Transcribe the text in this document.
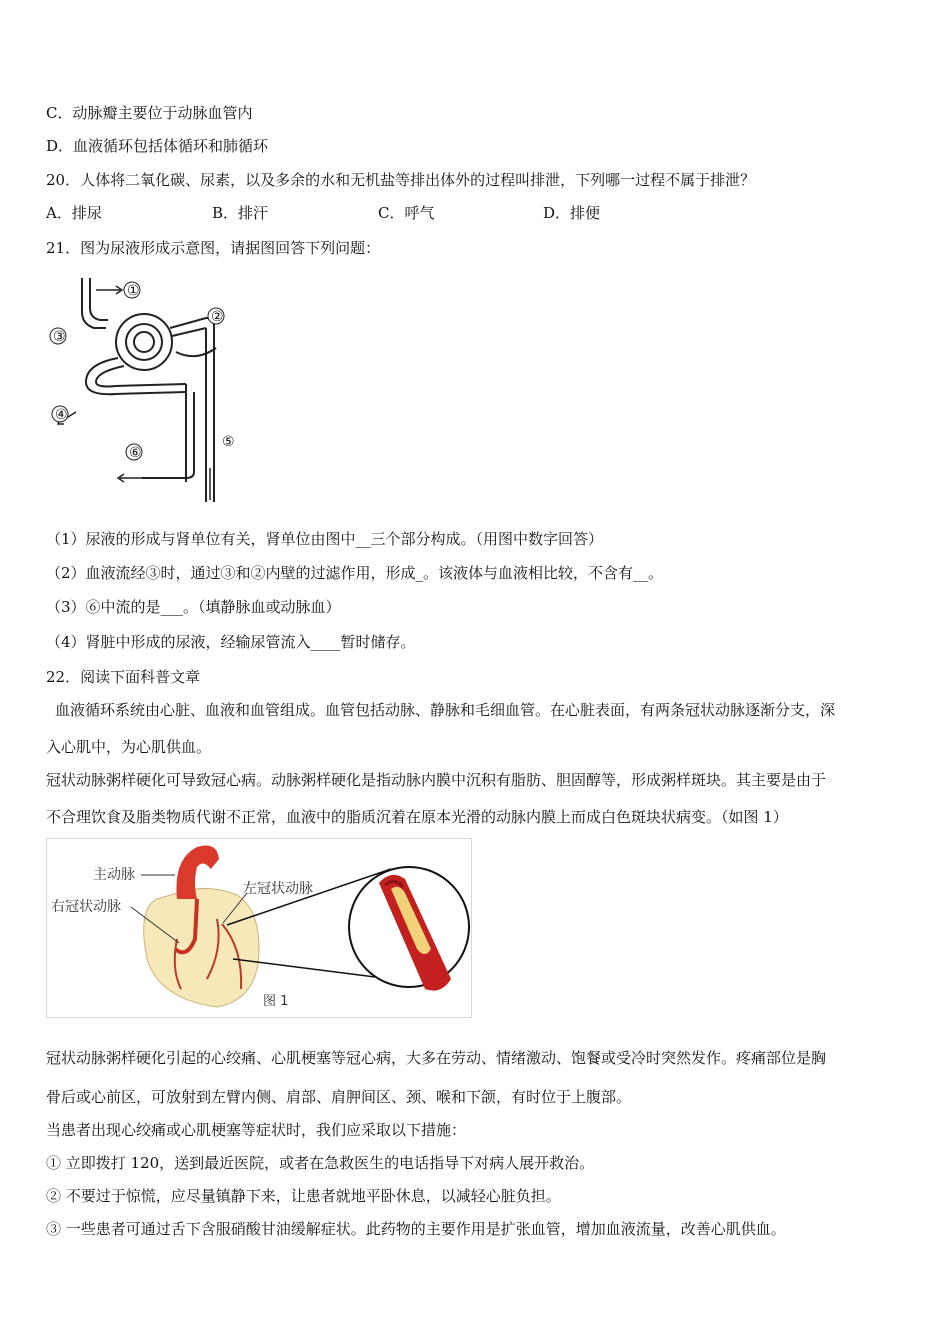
C．动脉瓣主要位于动脉血管内
D．血液循环包括体循环和肺循环
20．人体将二氧化碳、尿素，以及多余的水和无机盐等排出体外的过程叫排泄，下列哪一过程不属于排泄？
A．排尿	B．排汗	C．呼气	D．排便
21．图为尿液形成示意图，请据图回答下列问题：
①
②
③
④
⑤
⑥
（1）尿液的形成与肾单位有关，肾单位由图中__三个部分构成。（用图中数字回答）
（2）血液流经③时，通过③和②内壁的过滤作用，形成_。该液体与血液相比较，不含有__。
（3）⑥中流的是___。（填静脉血或动脉血）
（4）肾脏中形成的尿液，经输尿管流入____暂时储存。
22．阅读下面科普文章
血液循环系统由心脏、血液和血管组成。血管包括动脉、静脉和毛细血管。在心脏表面，有两条冠状动脉逐渐分支，深
入心肌中，为心肌供血。
冠状动脉粥样硬化可导致冠心病。动脉粥样硬化是指动脉内膜中沉积有脂肪、胆固醇等，形成粥样斑块。其主要是由于
不合理饮食及脂类物质代谢不正常，血液中的脂质沉着在原本光滑的动脉内膜上而成白色斑块状病变。（如图 1）
主动脉
左冠状动脉
右冠状动脉
图 1
冠状动脉粥样硬化引起的心绞痛、心肌梗塞等冠心病，大多在劳动、情绪激动、饱餐或受冷时突然发作。疼痛部位是胸
骨后或心前区，可放射到左臂内侧、肩部、肩胛间区、颈、喉和下颌，有时位于上腹部。
当患者出现心绞痛或心肌梗塞等症状时，我们应采取以下措施：
① 立即拨打 120，送到最近医院，或者在急救医生的电话指导下对病人展开救治。
② 不要过于惊慌，应尽量镇静下来，让患者就地平卧休息，以减轻心脏负担。
③ 一些患者可通过舌下含服硝酸甘油缓解症状。此药物的主要作用是扩张血管，增加血液流量，改善心肌供血。
